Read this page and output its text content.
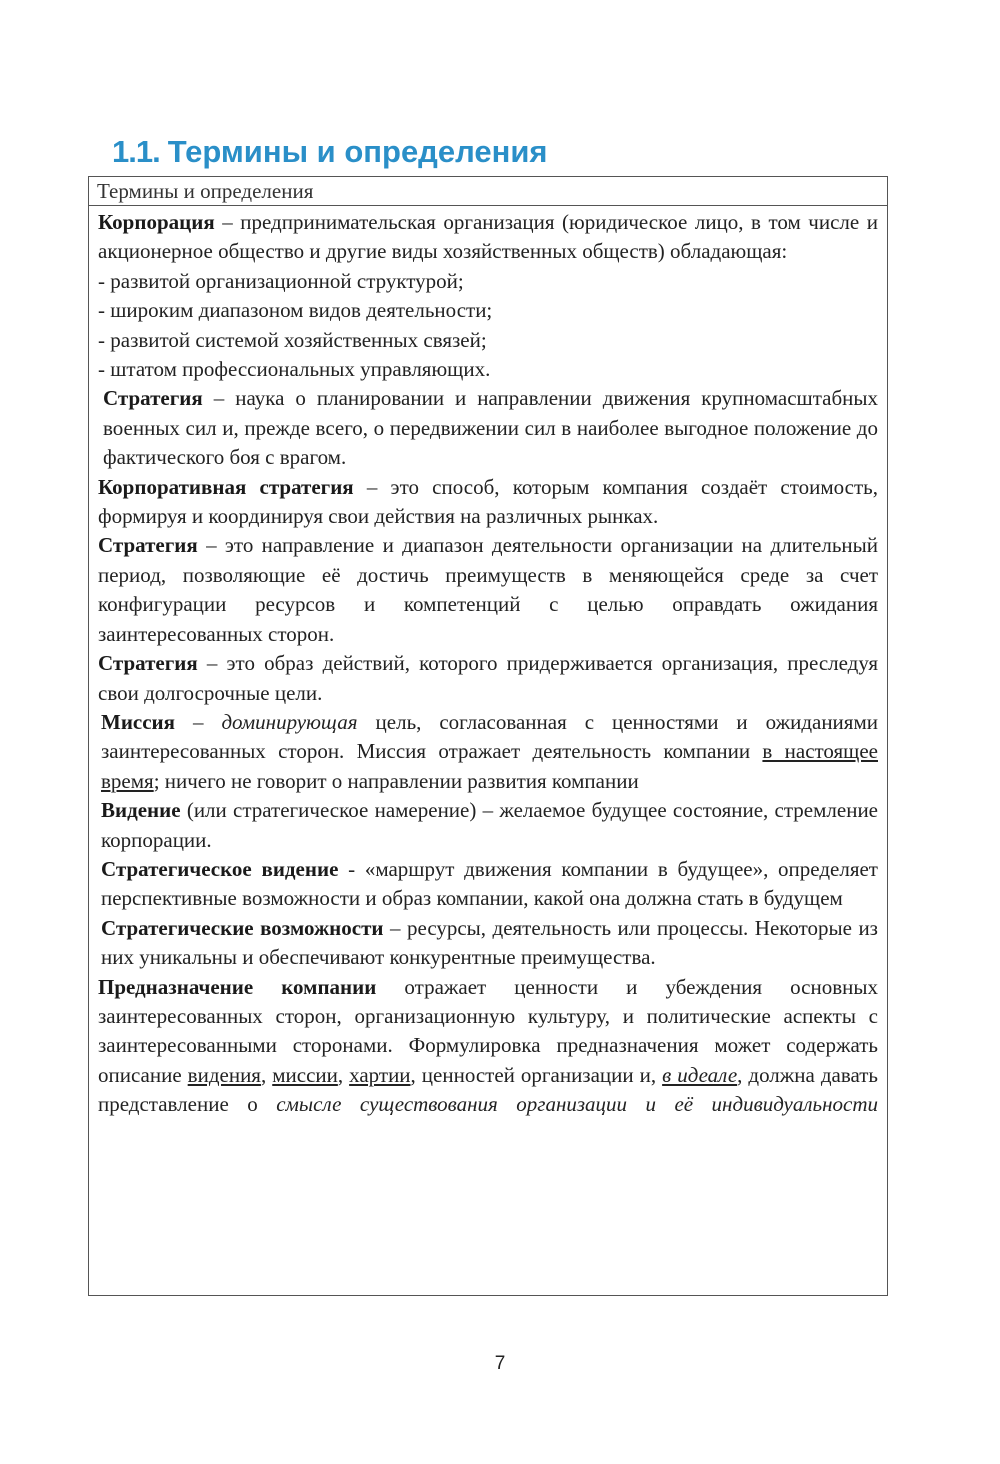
1.1. Термины и определения
Термины и определения

Корпорация – предпринимательская организация (юридическое лицо, в том числе и акционерное общество и другие виды хозяйственных обществ) обладающая:

- развитой организационной структурой;

- широким диапазоном видов деятельности;

- развитой системой хозяйственных связей;

- штатом профессиональных управляющих.

Стратегия – наука о планировании и направлении движения крупномасштабных военных сил и, прежде всего, о передвижении сил в наиболее выгодное положение до фактического боя с врагом.

Корпоративная стратегия – это способ, которым компания создаёт стоимость, формируя и координируя свои действия на различных рынках.

Стратегия – это направление и диапазон деятельности организации на длительный период, позволяющие её достичь преимуществ в меняющейся среде за счет конфигурации ресурсов и компетенций с целью оправдать ожидания заинтересованных сторон.

Стратегия – это образ действий, которого придерживается организация, преследуя свои долгосрочные цели.

Миссия – доминирующая цель, согласованная с ценностями и ожиданиями заинтересованных сторон. Миссия отражает деятельность компании в настоящее время; ничего не говорит о направлении развития компании

Видение (или стратегическое намерение) – желаемое будущее состояние, стремление корпорации.

Стратегическое видение - «маршрут движения компании в будущее», определяет перспективные возможности и образ компании, какой она должна стать в будущем

Стратегические возможности – ресурсы, деятельность или процессы. Некоторые из них уникальны и обеспечивают конкурентные преимущества.

Предназначение компании отражает ценности и убеждения основных заинтересованных сторон, организационную культуру, и политические аспекты с заинтересованными сторонами. Формулировка предназначения может содержать описание видения, миссии, хартии, ценностей организации и, в идеале, должна давать представление о смысле существования организации и её индивидуальности

7
